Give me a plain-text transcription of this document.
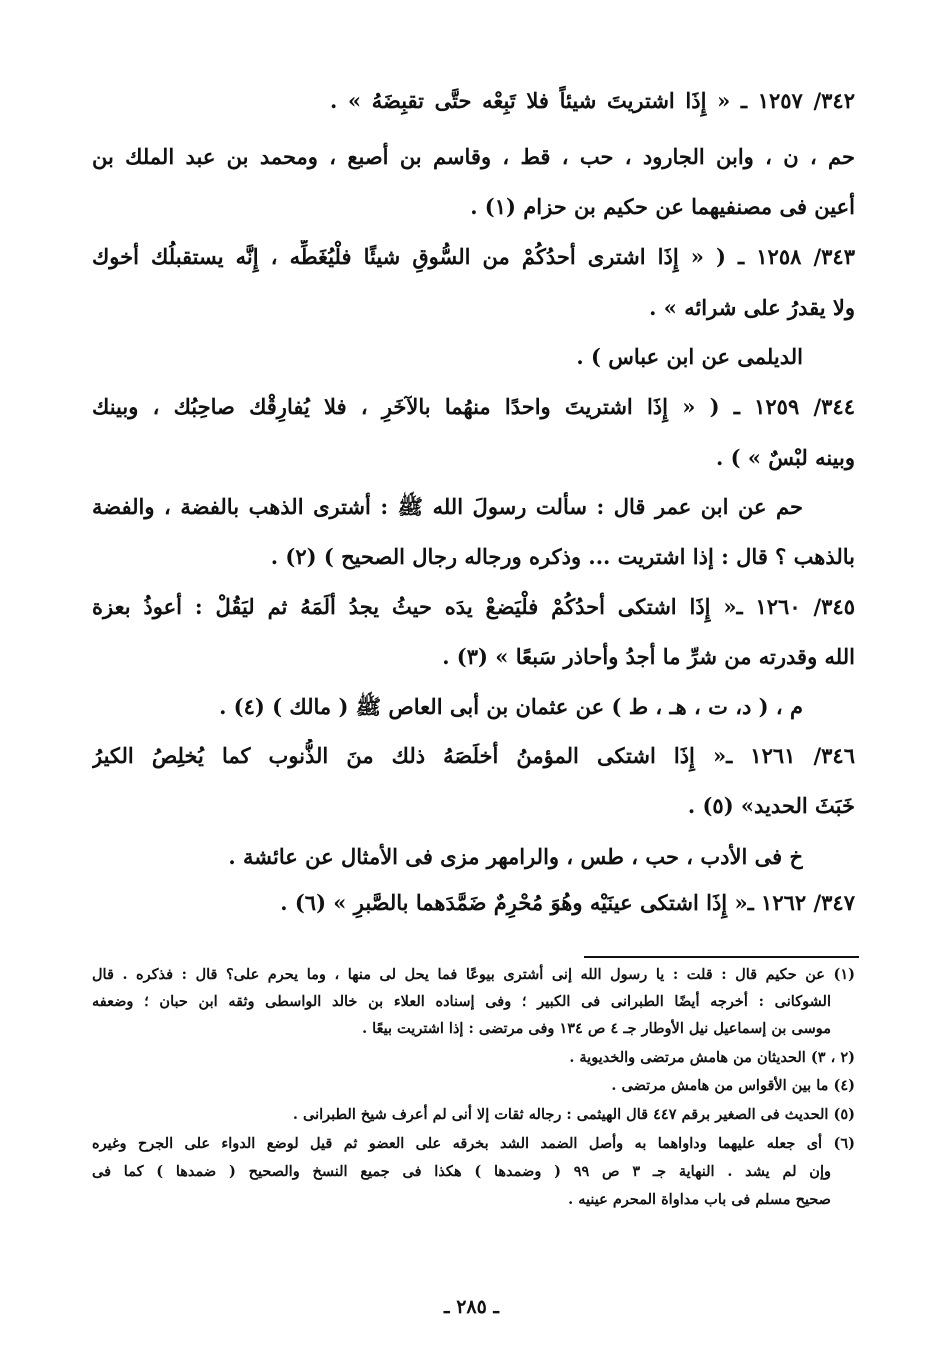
٣٤٢/ ١٢٥٧ ـ « إِذَا اشتريتَ شيئاً فلا تَبِعْه حتَّى تقبِضَهُ » .
حم ، ن ، وابن الجارود ، حب ، قط ، وقاسم بن أصبع ، ومحمد بن عبد الملك بن
أعين فى مصنفيهما عن حكيم بن حزام (١) .
٣٤٣/ ١٢٥٨ ـ ( « إِذَا اشترى أحدُكُمْ من السُّوقِ شيئًا فلْيُغَطِّه ، إِنَّه يستقبلُك أخوك
ولا يقدرُ على شرائه » .
الديلمى عن ابن عباس ) .
٣٤٤/ ١٢٥٩ ـ ( « إِذَا اشتريتَ واحدًا منهُما بالآخَرِ ، فلا يُفارِقْك صاحِبُك ، وبينك
وبينه لبْسٌ » ) .
حم عن ابن عمر قال : سألت رسولَ الله ﷺ : أشترى الذهب بالفضة ، والفضة
بالذهب ؟ قال : إذا اشتريت ... وذكره ورجاله رجال الصحيح ) (٢) .
٣٤٥/ ١٢٦٠ ـ« إِذَا اشتكى أحدُكُمْ فلْيَضعْ يدَه حيثُ يجدُ ألَمَهُ ثم ليَقُلْ : أعوذُ بعزة
الله وقدرته من شرِّ ما أجدُ وأحاذر سَبعًا » (٣) .
م ، ( د، ت ، هـ ، ط ) عن عثمان بن أبى العاص ﷺ ( مالك ) (٤) .
٣٤٦/ ١٢٦١ ـ« إِذَا اشتكى المؤمنُ أخلَصَهُ ذلك منَ الذُّنوب كما يُخلِصُ الكيرُ
خَبَثَ الحديد» (٥) .
خ فى الأدب ، حب ، طس ، والرامهر مزى فى الأمثال عن عائشة .
٣٤٧/ ١٢٦٢ ـ« إِذَا اشتكى عينَيْه وهُوَ مُحْرِمٌ ضَمَّدَهما بالصَّبرِ » (٦) .
(١) عن حكيم قال : قلت : يا رسول الله إنى أشترى بيوعًا فما يحل لى منها ، وما يحرم على؟ قال : فذكره . قال
الشوكانى : أخرجه أيضًا الطبرانى فى الكبير ؛ وفى إسناده العلاء بن خالد الواسطى وثقه ابن حبان ؛ وضعفه
موسى بن إسماعيل نيل الأوطار جـ ٤ ص ١٣٤ وفى مرتضى : إذا اشتريت بيعًا .
(٢ ، ٣) الحديثان من هامش مرتضى والخديوية .
(٤) ما بين الأقواس من هامش مرتضى .
(٥) الحديث فى الصغير برقم ٤٤٧ قال الهيثمى : رجاله ثقات إلا أنى لم أعرف شيخ الطبرانى .
(٦) أى جعله عليهما وداواهما به وأصل الضمد الشد بخرقه على العضو ثم قيل لوضع الدواء على الجرح وغيره
وإن لم يشد . النهاية جـ ٣ ص ٩٩ ( وضمدها ) هكذا فى جميع النسخ والصحيح ( ضمدها ) كما فى
صحيح مسلم فى باب مداواة المحرم عينيه .
ـ ٢٨٥ ـ
